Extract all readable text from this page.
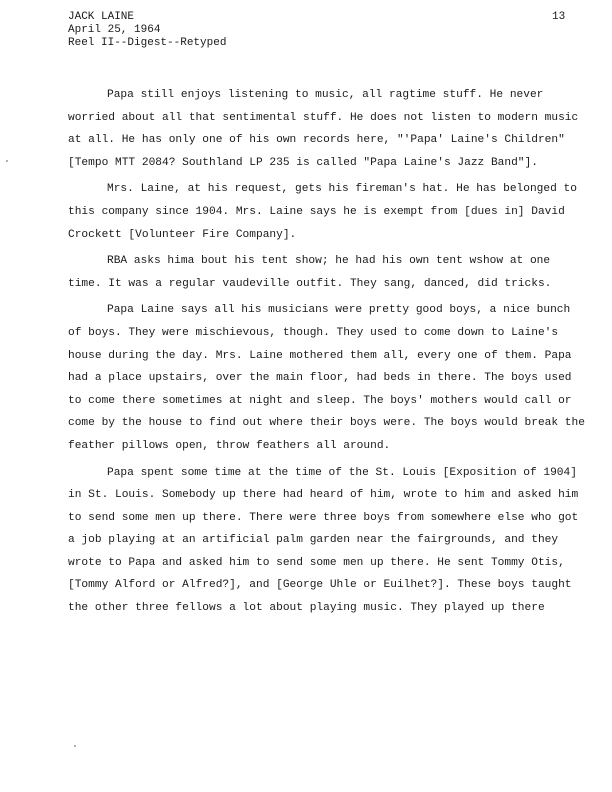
JACK LAINE
April 25, 1964
Reel II--Digest--Retyped
13

Papa still enjoys listening to music, all ragtime stuff. He never worried about all that sentimental stuff. He does not listen to modern music at all. He has only one of his own records here, "'Papa' Laine's Children" [Tempo MTT 2084? Southland LP 235 is called "Papa Laine's Jazz Band"].

Mrs. Laine, at his request, gets his fireman's hat. He has belonged to this company since 1904. Mrs. Laine says he is exempt from [dues in] David Crockett [Volunteer Fire Company].

RBA asks hima bout his tent show; he had his own tent wshow at one time. It was a regular vaudeville outfit. They sang, danced, did tricks.

Papa Laine says all his musicians were pretty good boys, a nice bunch of boys. They were mischievous, though. They used to come down to Laine's house during the day. Mrs. Laine mothered them all, every one of them. Papa had a place upstairs, over the main floor, had beds in there. The boys used to come there sometimes at night and sleep. The boys' mothers would call or come by the house to find out where their boys were. The boys would break the feather pillows open, throw feathers all around.

Papa spent some time at the time of the St. Louis [Exposition of 1904] in St. Louis. Somebody up there had heard of him, wrote to him and asked him to send some men up there. There were three boys from somewhere else who got a job playing at an artificial palm garden near the fairgrounds, and they wrote to Papa and asked him to send some men up there. He sent Tommy Otis, [Tommy Alford or Alfred?], and [George Uhle or Euilhet?]. These boys taught the other three fellows a lot about playing music. They played up there
